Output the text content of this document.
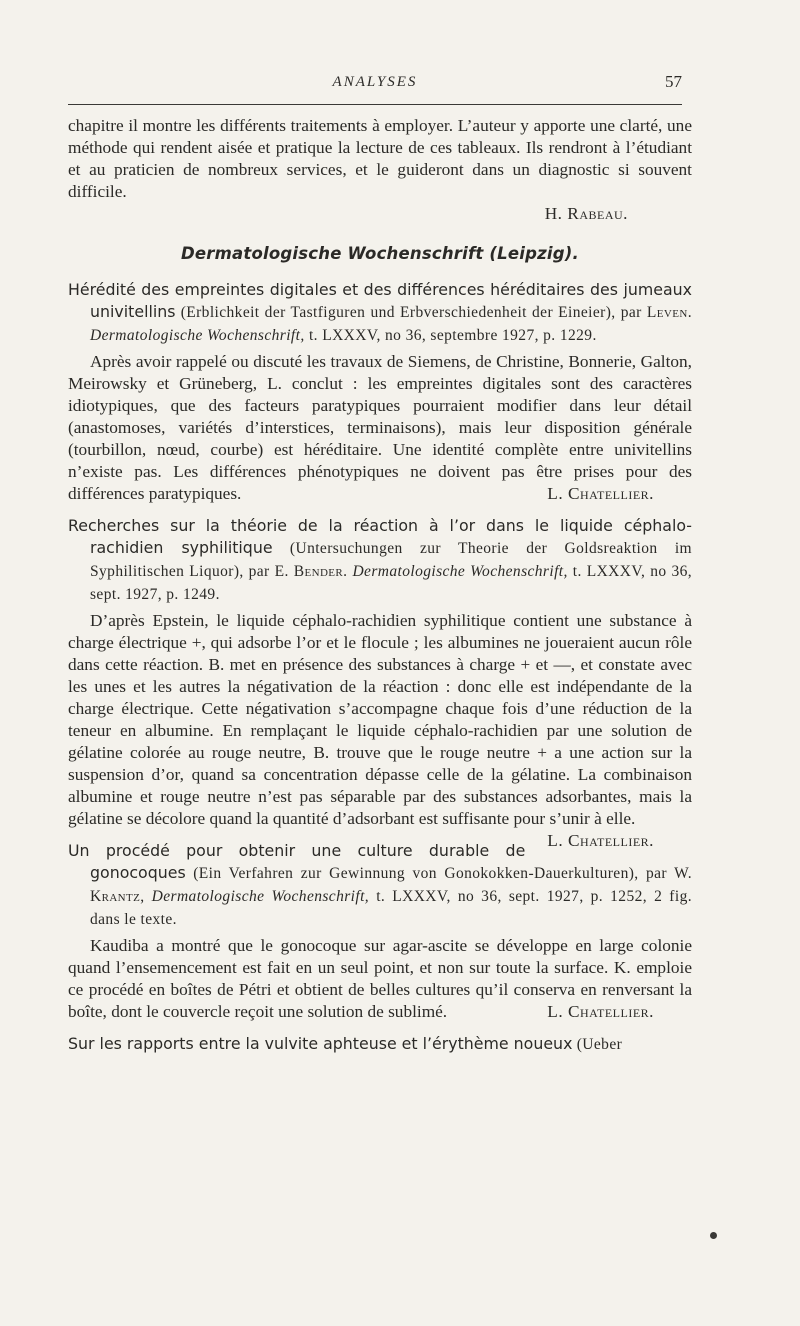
ANALYSES	57

chapitre il montre les différents traitements à employer. L’auteur y apporte une clarté, une méthode qui rendent aisée et pratique la lecture de ces tableaux. Ils rendront à l’étudiant et au praticien de nombreux services, et le guideront dans un diagnostic si souvent difficile.

H. Rabeau.

Dermatologische Wochenschrift (Leipzig).

Hérédité des empreintes digitales et des différences héréditaires des jumeaux univitellins (Erblichkeit der Tastfiguren und Erbverschiedenheit der Eineier), par Leven. Dermatologische Wochenschrift, t. LXXXV, no 36, septembre 1927, p. 1229.

Après avoir rappelé ou discuté les travaux de Siemens, de Christine, Bonnerie, Galton, Meirowsky et Grüneberg, L. conclut : les empreintes digitales sont des caractères idiotypiques, que des facteurs paratypiques pourraient modifier dans leur détail (anastomoses, variétés d’interstices, terminaisons), mais leur disposition générale (tourbillon, nœud, courbe) est héréditaire. Une identité complète entre univitellins n’existe pas. Les différences phénotypiques ne doivent pas être prises pour des différences paratypiques.	L. Chatellier.

Recherches sur la théorie de la réaction à l’or dans le liquide céphalo-rachidien syphilitique (Untersuchungen zur Theorie der Goldsreaktion im Syphilitischen Liquor), par E. Bender. Dermatologische Wochenschrift, t. LXXXV, no 36, sept. 1927, p. 1249.

D’après Epstein, le liquide céphalo-rachidien syphilitique contient une substance à charge électrique +, qui adsorbe l’or et le flocule ; les albumines ne joueraient aucun rôle dans cette réaction. B. met en présence des substances à charge + et —, et constate avec les unes et les autres la négativation de la réaction : donc elle est indépendante de la charge électrique. Cette négativation s’accompagne chaque fois d’une réduction de la teneur en albumine. En remplaçant le liquide céphalo-rachidien par une solution de gélatine colorée au rouge neutre, B. trouve que le rouge neutre + a une action sur la suspension d’or, quand sa concentration dépasse celle de la gélatine. La combinaison albumine et rouge neutre n’est pas séparable par des substances adsorbantes, mais la gélatine se décolore quand la quantité d’adsorbant est suffisante pour s’unir à elle.
L. Chatellier.

Un procédé pour obtenir une culture durable de gonocoques (Ein Verfahren zur Gewinnung von Gonokokken-Dauerkulturen), par W. Krantz, Dermatologische Wochenschrift, t. LXXXV, no 36, sept. 1927, p. 1252, 2 fig. dans le texte.

Kaudiba a montré que le gonocoque sur agar-ascite se développe en large colonie quand l’ensemencement est fait en un seul point, et non sur toute la surface. K. emploie ce procédé en boîtes de Pétri et obtient de belles cultures qu’il conserva en renversant la boîte, dont le couvercle reçoit une solution de sublimé.	L. Chatellier.

Sur les rapports entre la vulvite aphteuse et l’érythème noueux (Ueber
